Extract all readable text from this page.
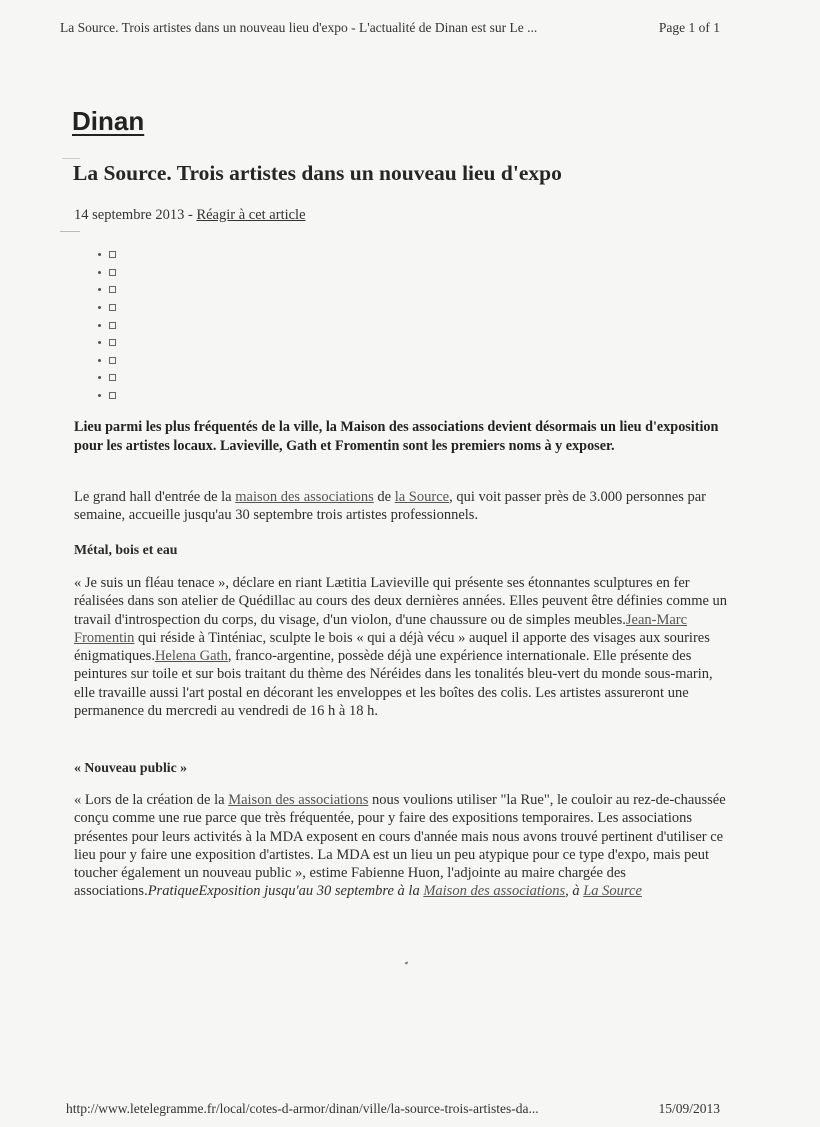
La Source. Trois artistes dans un nouveau lieu d'expo - L'actualité de Dinan est sur Le ...	Page 1 of 1
Dinan
La Source. Trois artistes dans un nouveau lieu d'expo
14 septembre 2013 - Réagir à cet article
Lieu parmi les plus fréquentés de la ville, la Maison des associations devient désormais un lieu d'exposition pour les artistes locaux. Lavieville, Gath et Fromentin sont les premiers noms à y exposer.
Le grand hall d'entrée de la maison des associations de la Source, qui voit passer près de 3.000 personnes par semaine, accueille jusqu'au 30 septembre trois artistes professionnels.
Métal, bois et eau
« Je suis un fléau tenace », déclare en riant Lætitia Lavieville qui présente ses étonnantes sculptures en fer réalisées dans son atelier de Quédillac au cours des deux dernières années. Elles peuvent être définies comme un travail d'introspection du corps, du visage, d'un violon, d'une chaussure ou de simples meubles.Jean-Marc Fromentin qui réside à Tinténiac, sculpte le bois « qui a déjà vécu » auquel il apporte des visages aux sourires énigmatiques.Helena Gath, franco-argentine, possède déjà une expérience internationale. Elle présente des peintures sur toile et sur bois traitant du thème des Néréides dans les tonalités bleu-vert du monde sous-marin, elle travaille aussi l'art postal en décorant les enveloppes et les boîtes des colis. Les artistes assureront une permanence du mercredi au vendredi de 16 h à 18 h.
« Nouveau public »
« Lors de la création de la Maison des associations nous voulions utiliser "la Rue", le couloir au rez-de-chaussée conçu comme une rue parce que très fréquentée, pour y faire des expositions temporaires. Les associations présentes pour leurs activités à la MDA exposent en cours d'année mais nous avons trouvé pertinent d'utiliser ce lieu pour y faire une exposition d'artistes. La MDA est un lieu un peu atypique pour ce type d'expo, mais peut toucher également un nouveau public », estime Fabienne Huon, l'adjointe au maire chargée des associations.PratiqueExposition jusqu'au 30 septembre à la Maison des associations, à La Source
http://www.letelegramme.fr/local/cotes-d-armor/dinan/ville/la-source-trois-artistes-da...	15/09/2013
